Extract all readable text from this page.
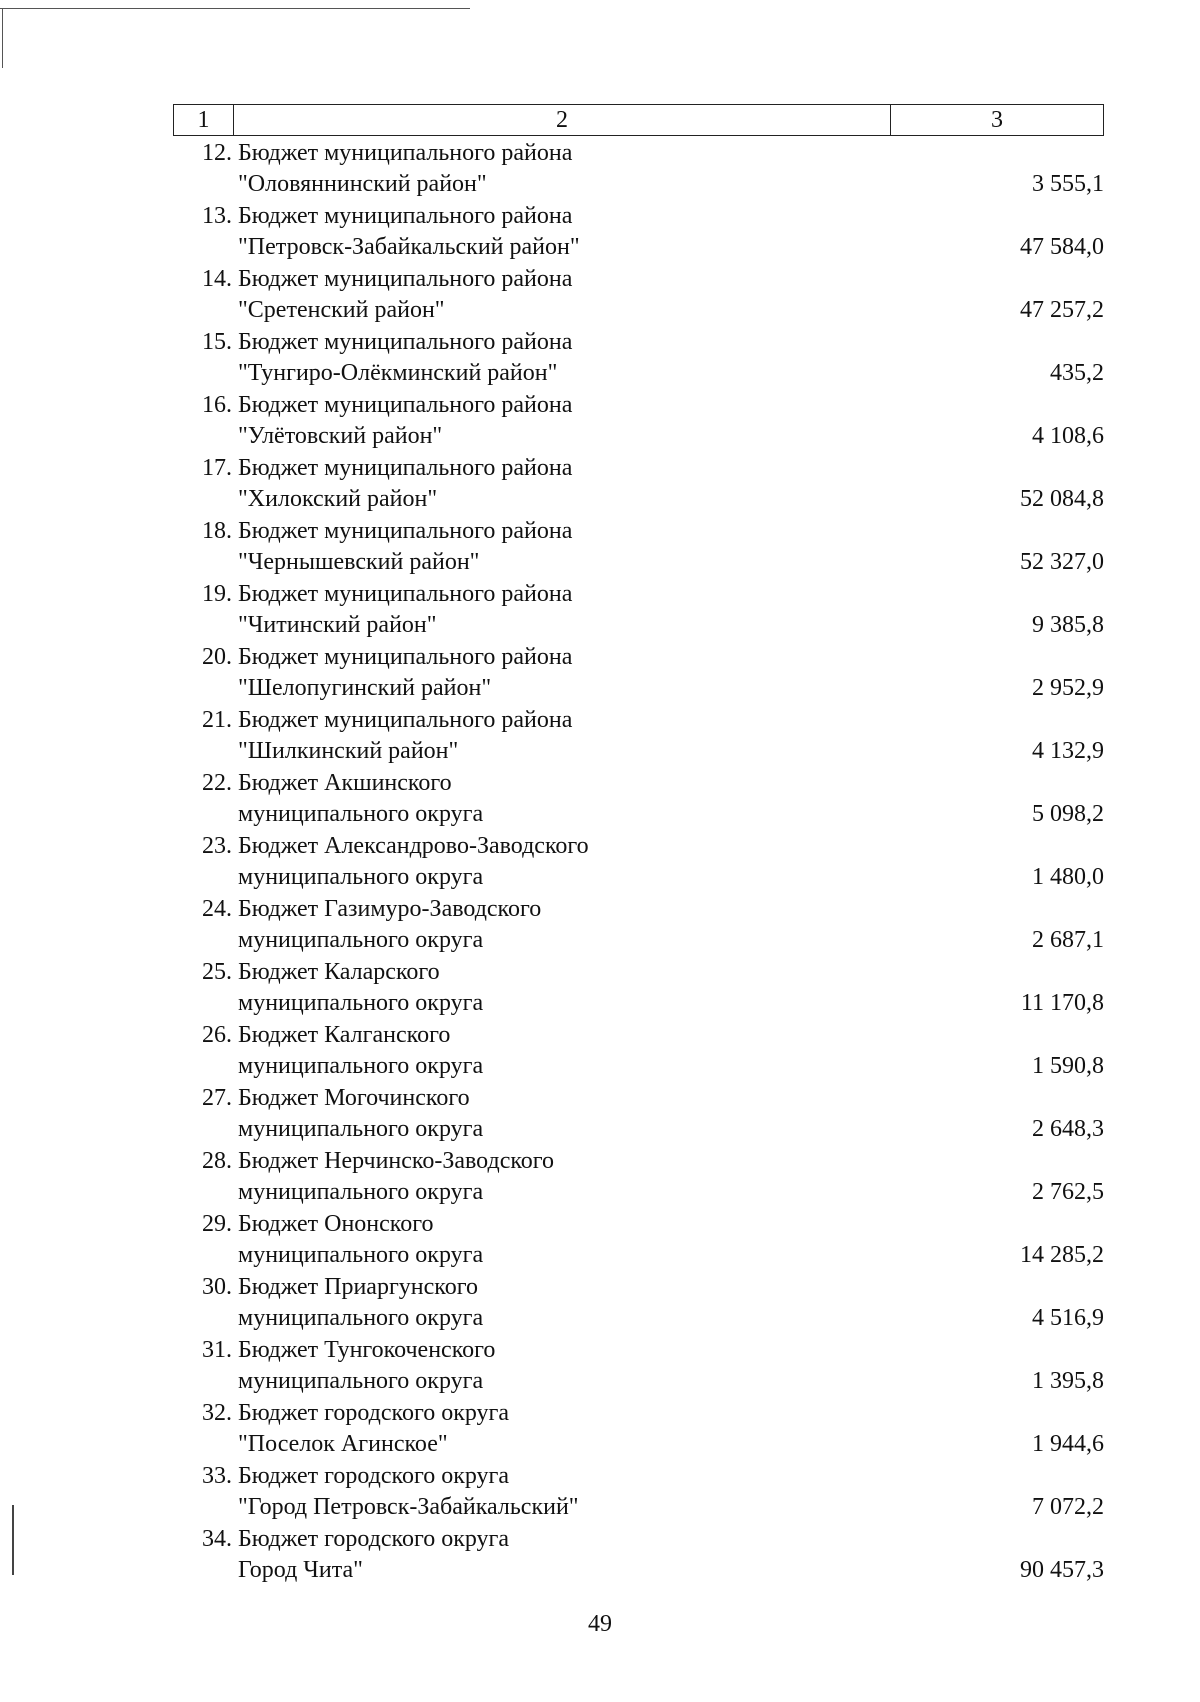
1	2	3
12. Бюджет муниципального района
"Оловяннинский район"	3 555,1
13. Бюджет муниципального района
"Петровск-Забайкальский район"	47 584,0
14. Бюджет муниципального района
"Сретенский район"	47 257,2
15. Бюджет муниципального района
"Тунгиро-Олёкминский район"	435,2
16. Бюджет муниципального района
"Улётовский район"	4 108,6
17. Бюджет муниципального района
"Хилокский район"	52 084,8
18. Бюджет муниципального района
"Чернышевский район"	52 327,0
19. Бюджет муниципального района
"Читинский район"	9 385,8
20. Бюджет муниципального района
"Шелопугинский район"	2 952,9
21. Бюджет муниципального района
"Шилкинский район"	4 132,9
22. Бюджет Акшинского
муниципального округа	5 098,2
23. Бюджет Александрово-Заводского
муниципального округа	1 480,0
24. Бюджет Газимуро-Заводского
муниципального округа	2 687,1
25. Бюджет Каларского
муниципального округа	11 170,8
26. Бюджет Калганского
муниципального округа	1 590,8
27. Бюджет Могочинского
муниципального округа	2 648,3
28. Бюджет Нерчинско-Заводского
муниципального округа	2 762,5
29. Бюджет Ононского
муниципального округа	14 285,2
30. Бюджет Приаргунского
муниципального округа	4 516,9
31. Бюджет Тунгокоченского
муниципального округа	1 395,8
32. Бюджет городского округа
"Поселок Агинское"	1 944,6
33. Бюджет городского округа
"Город Петровск-Забайкальский"	7 072,2
34. Бюджет городского округа
Город Чита"	90 457,3
49
